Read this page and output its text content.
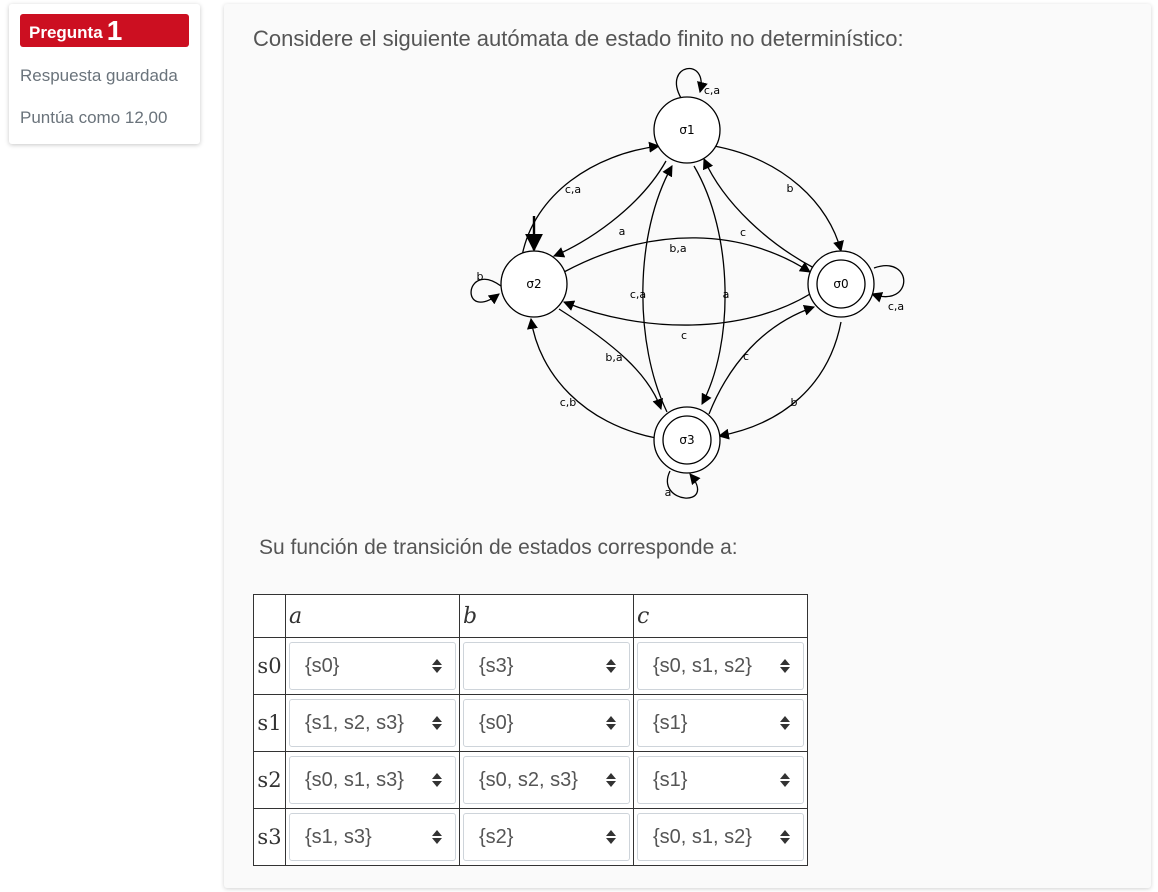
Pregunta 1
Respuesta guardada
Puntúa como 12,00
Considere el siguiente autómata de estado finito no determinístico:
σ1
σ2	σ0
σ3
c,a
c,a
a
b
c
b,a
c
b
c,a
c,a	a
b,a	c
c,b	b
a
Su función de transición de estados corresponde a:
	a	b	c
s0	{s0}	{s3}	{s0, s1, s2}

s1	{s1, s2, s3}	{s0}	{s1}

s2	{s0, s1, s3}	{s0, s2, s3}	{s1}

s3	{s1, s3}	{s2}	{s0, s1, s2}
